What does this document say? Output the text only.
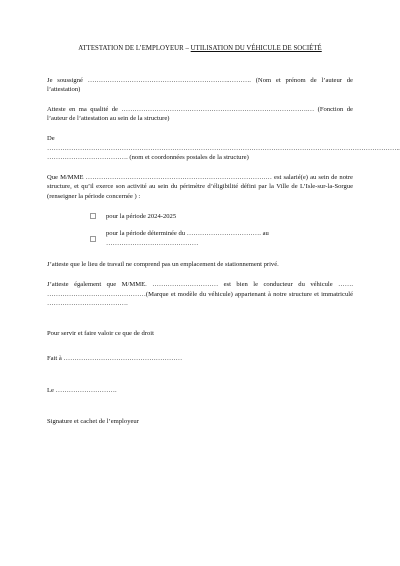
ATTESTATION DE L’EMPLOYEUR – UTILISATION DU VÉHICULE DE SOCIÉTÉ

Je soussigné ………………………………………………………..………. (Nom et prénom de l’auteur de l’attestation)

Atteste en ma qualité de ………………………………………………………………………….… (Fonction de l’auteur de l’attestation au sein de la structure)

De

……………………………………………………………………………………………………………………………………………..

………………………………. (nom et coordonnées postales de la structure)

Que M/MME ……………………………………………………………………….… est salarié(e) au sein de notre structure, et qu’il exerce son activité au sein du périmètre d’éligibilité défini par la Ville de L’Isle-sur-la-Sorgue (renseigner la période concernée ) :

pour la période 2024-2025
pour la période déterminée du ……………………………. au ……………………………………

J’atteste que le lieu de travail ne comprend pas un emplacement de stationnement privé.

J’atteste également que M/MME. ………………………… est bien le conducteur du véhicule ……. ………………………………………(Marque et modèle du véhicule) appartenant à notre structure et immatriculé ……………………………….

Pour servir et faire valoir ce que de droit

Fait à ………………………………………………

Le ……………………….

Signature et cachet de l’employeur
